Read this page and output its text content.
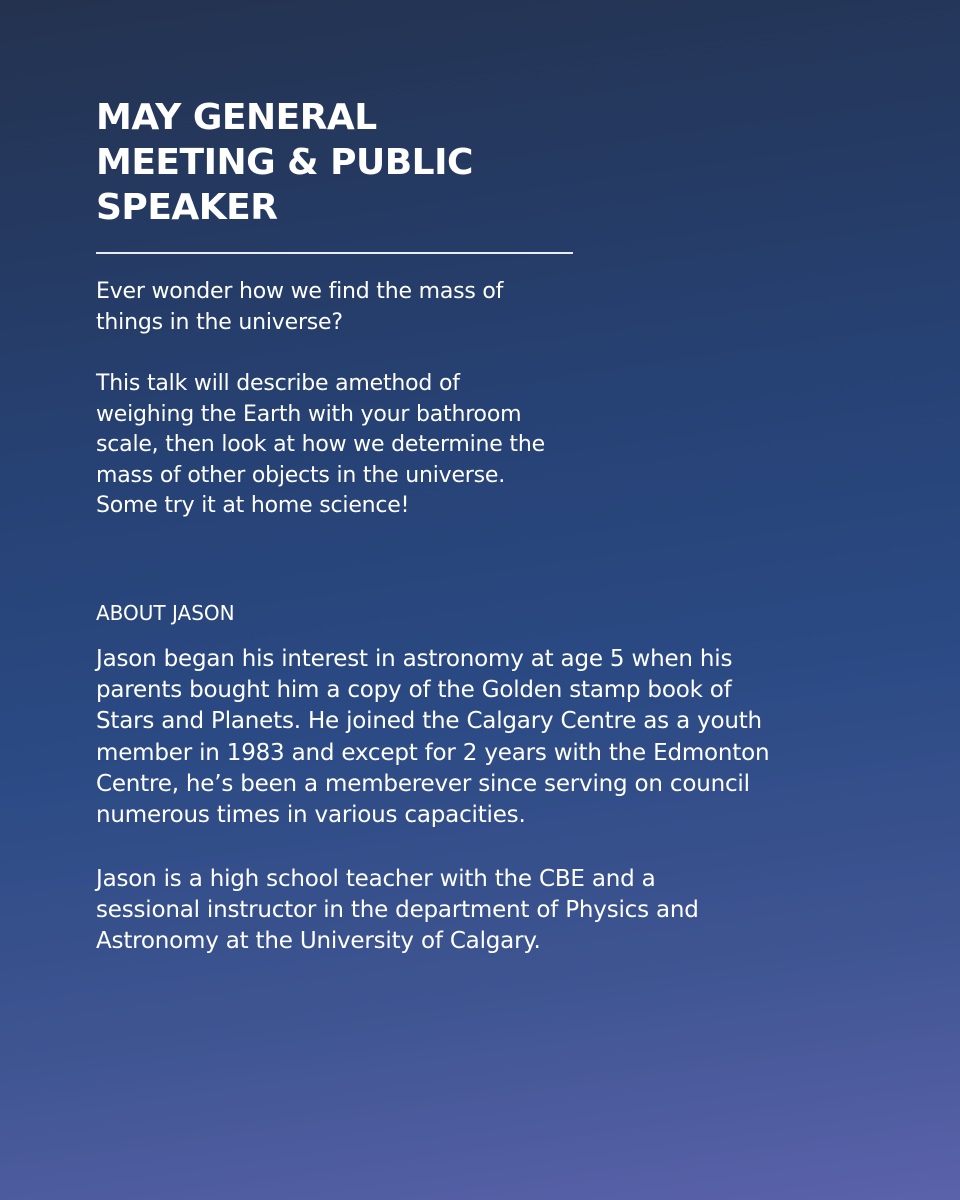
MAY GENERAL
MEETING & PUBLIC
SPEAKER
Ever wonder how we find the mass of
things in the universe?
This talk will describe amethod of
weighing the Earth with your bathroom
scale, then look at how we determine the
mass of other objects in the universe.
Some try it at home science!
ABOUT JASON
Jason began his interest in astronomy at age 5 when his
parents bought him a copy of the Golden stamp book of
Stars and Planets. He joined the Calgary Centre as a youth
member in 1983 and except for 2 years with the Edmonton
Centre, he’s been a memberever since serving on council
numerous times in various capacities.
Jason is a high school teacher with the CBE and a
sessional instructor in the department of Physics and
Astronomy at the University of Calgary.
